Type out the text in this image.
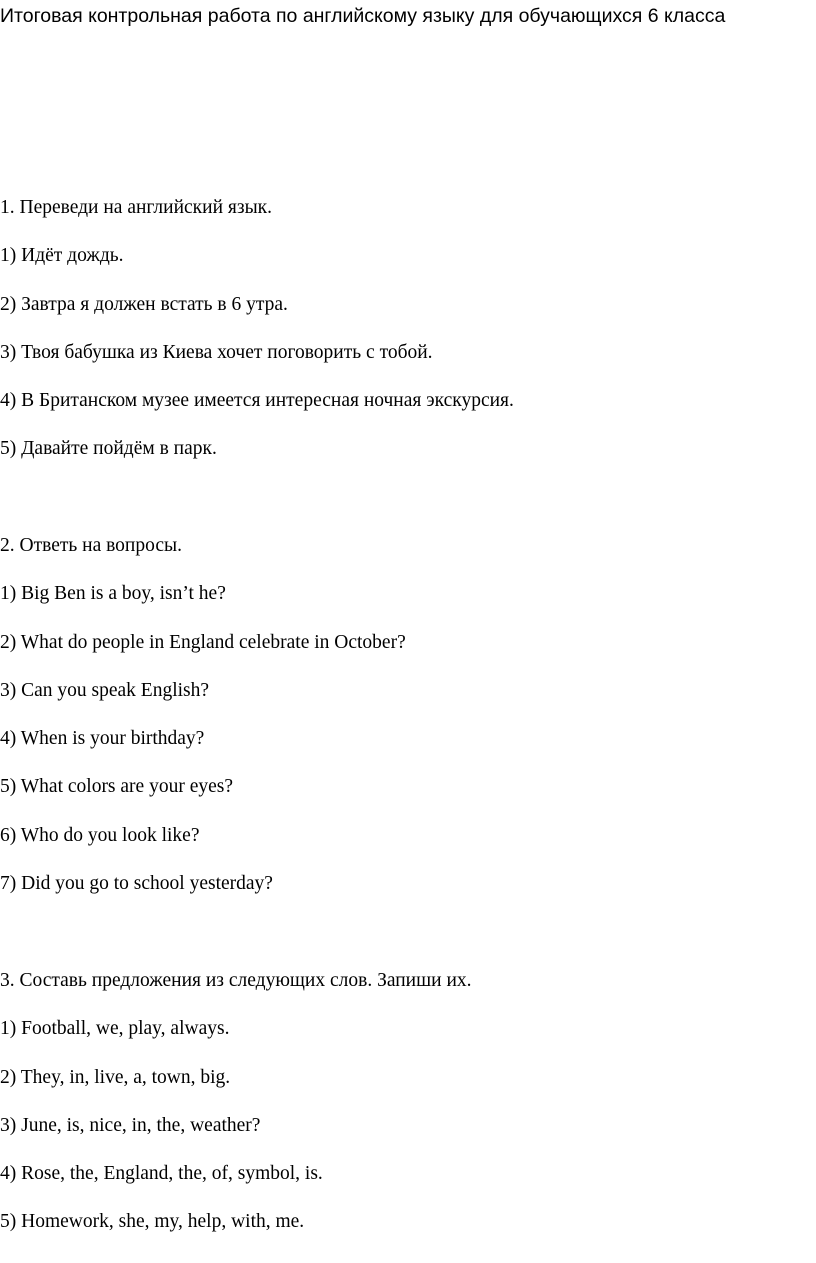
Итоговая контрольная работа по английскому языку для обучающихся 6 класса
1. Переведи на английский язык.
1) Идёт дождь.
2) Завтра я должен встать в 6 утра.
3) Твоя бабушка из Киева хочет поговорить с тобой.
4) В Британском музее имеется интересная ночная экскурсия.
5) Давайте пойдём в парк.
2. Ответь на вопросы.
1) Big Ben is a boy, isn’t he?
2) What do people in England celebrate in October?
3) Can you speak English?
4) When is your birthday?
5) What colors are your eyes?
6) Who do you look like?
7) Did you go to school yesterday?
3. Составь предложения из следующих слов. Запиши их.
1) Football, we, play, always.
2) They, in, live, a, town, big.
3) June, is, nice, in, the, weather?
4) Rose, the, England, the, of, symbol, is.
5) Homework, she, my, help, with, me.
